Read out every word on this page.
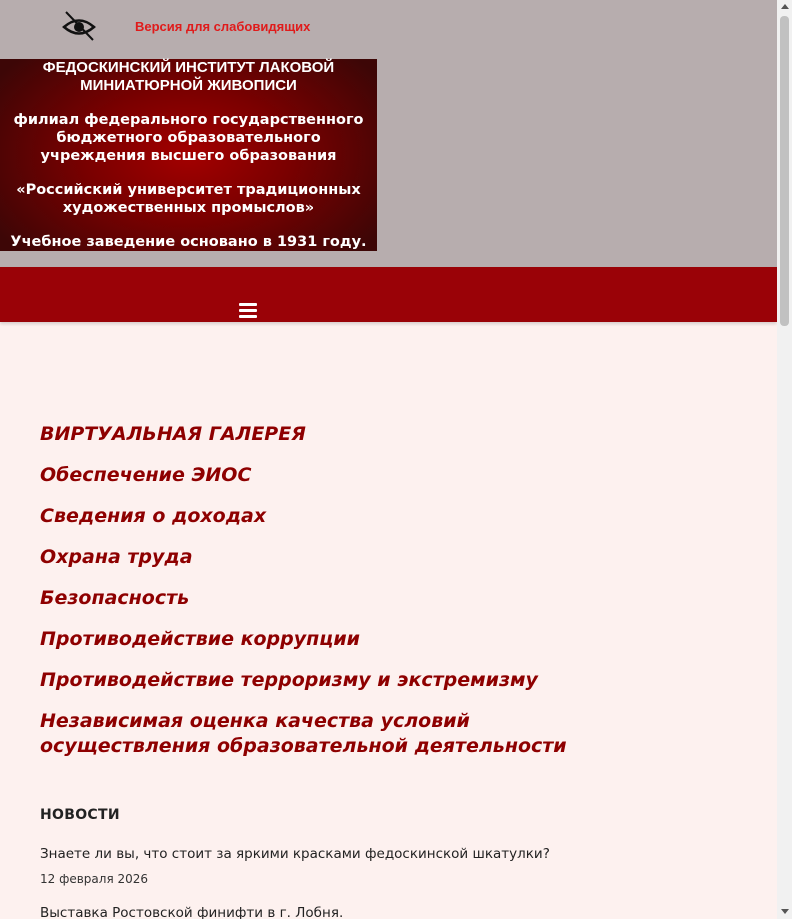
Версия для слабовидящих
ФЕДОСКИНСКИЙ ИНСТИТУТ ЛАКОВОЙ МИНИАТЮРНОЙ ЖИВОПИСИ
филиал федерального государственного бюджетного образовательного учреждения высшего образования
«Российский университет традиционных художественных промыслов»
Учебное заведение основано в 1931 году.
ВИРТУАЛЬНАЯ ГАЛЕРЕЯ
Обеспечение ЭИОС
Сведения о доходах
Охрана труда
Безопасность
Противодействие коррупции
Противодействие терроризму и экстремизму
Независимая оценка качества условий осуществления образовательной деятельности
НОВОСТИ
Знаете ли вы, что стоит за яркими красками федоскинской шкатулки?
12 февраля 2026
Выставка Ростовской финифти в г. Лобня.
